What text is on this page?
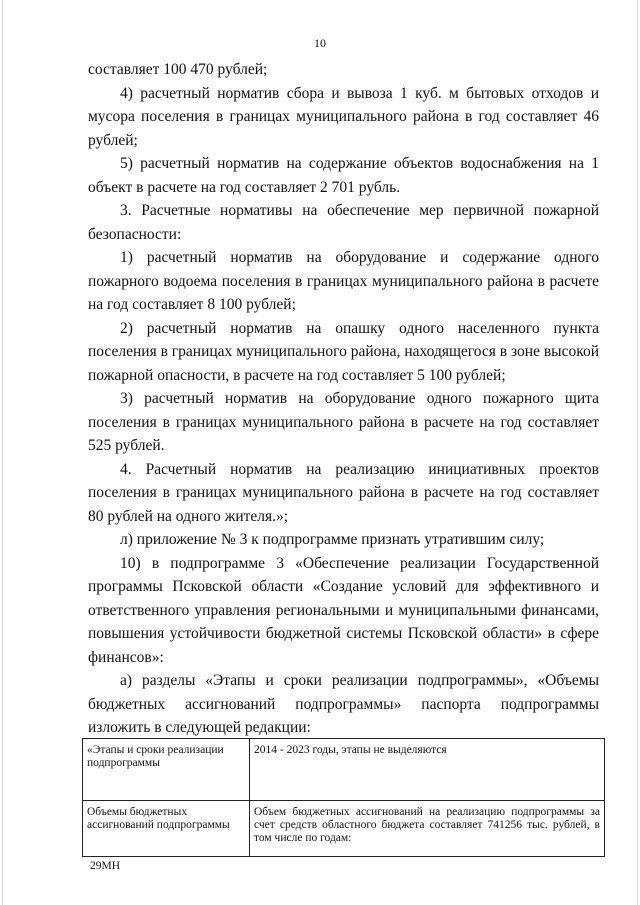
10

составляет 100 470 рублей;

4) расчетный норматив сбора и вывоза 1 куб. м бытовых отходов и мусора поселения в границах муниципального района в год составляет 46 рублей;

5) расчетный норматив на содержание объектов водоснабжения на 1 объект в расчете на год составляет 2 701 рубль.

3. Расчетные нормативы на обеспечение мер первичной пожарной безопасности:

1) расчетный норматив на оборудование и содержание одного пожарного водоема поселения в границах муниципального района в расчете на год составляет 8 100 рублей;

2) расчетный норматив на опашку одного населенного пункта поселения в границах муниципального района, находящегося в зоне высокой пожарной опасности, в расчете на год составляет 5 100 рублей;

3) расчетный норматив на оборудование одного пожарного щита поселения в границах муниципального района в расчете на год составляет 525 рублей.

4. Расчетный норматив на реализацию инициативных проектов поселения в границах муниципального района в расчете на год составляет 80 рублей на одного жителя.»;

л) приложение № 3 к подпрограмме признать утратившим силу;

10) в подпрограмме 3 «Обеспечение реализации Государственной программы Псковской области «Создание условий для эффективного и ответственного управления региональными и муниципальными финансами, повышения устойчивости бюджетной системы Псковской области» в сфере финансов»:

а) разделы «Этапы и сроки реализации подпрограммы», «Объемы бюджетных ассигнований подпрограммы» паспорта подпрограммы изложить в следующей редакции:

«Этапы и сроки реализации подпрограммы	2014 - 2023 годы, этапы не выделяются
Объемы бюджетных ассигнований подпрограммы	Объем бюджетных ассигнований на реализацию подпрограммы за счет средств областного бюджета составляет 741256 тыс. рублей, в том числе по годам:
29МН
